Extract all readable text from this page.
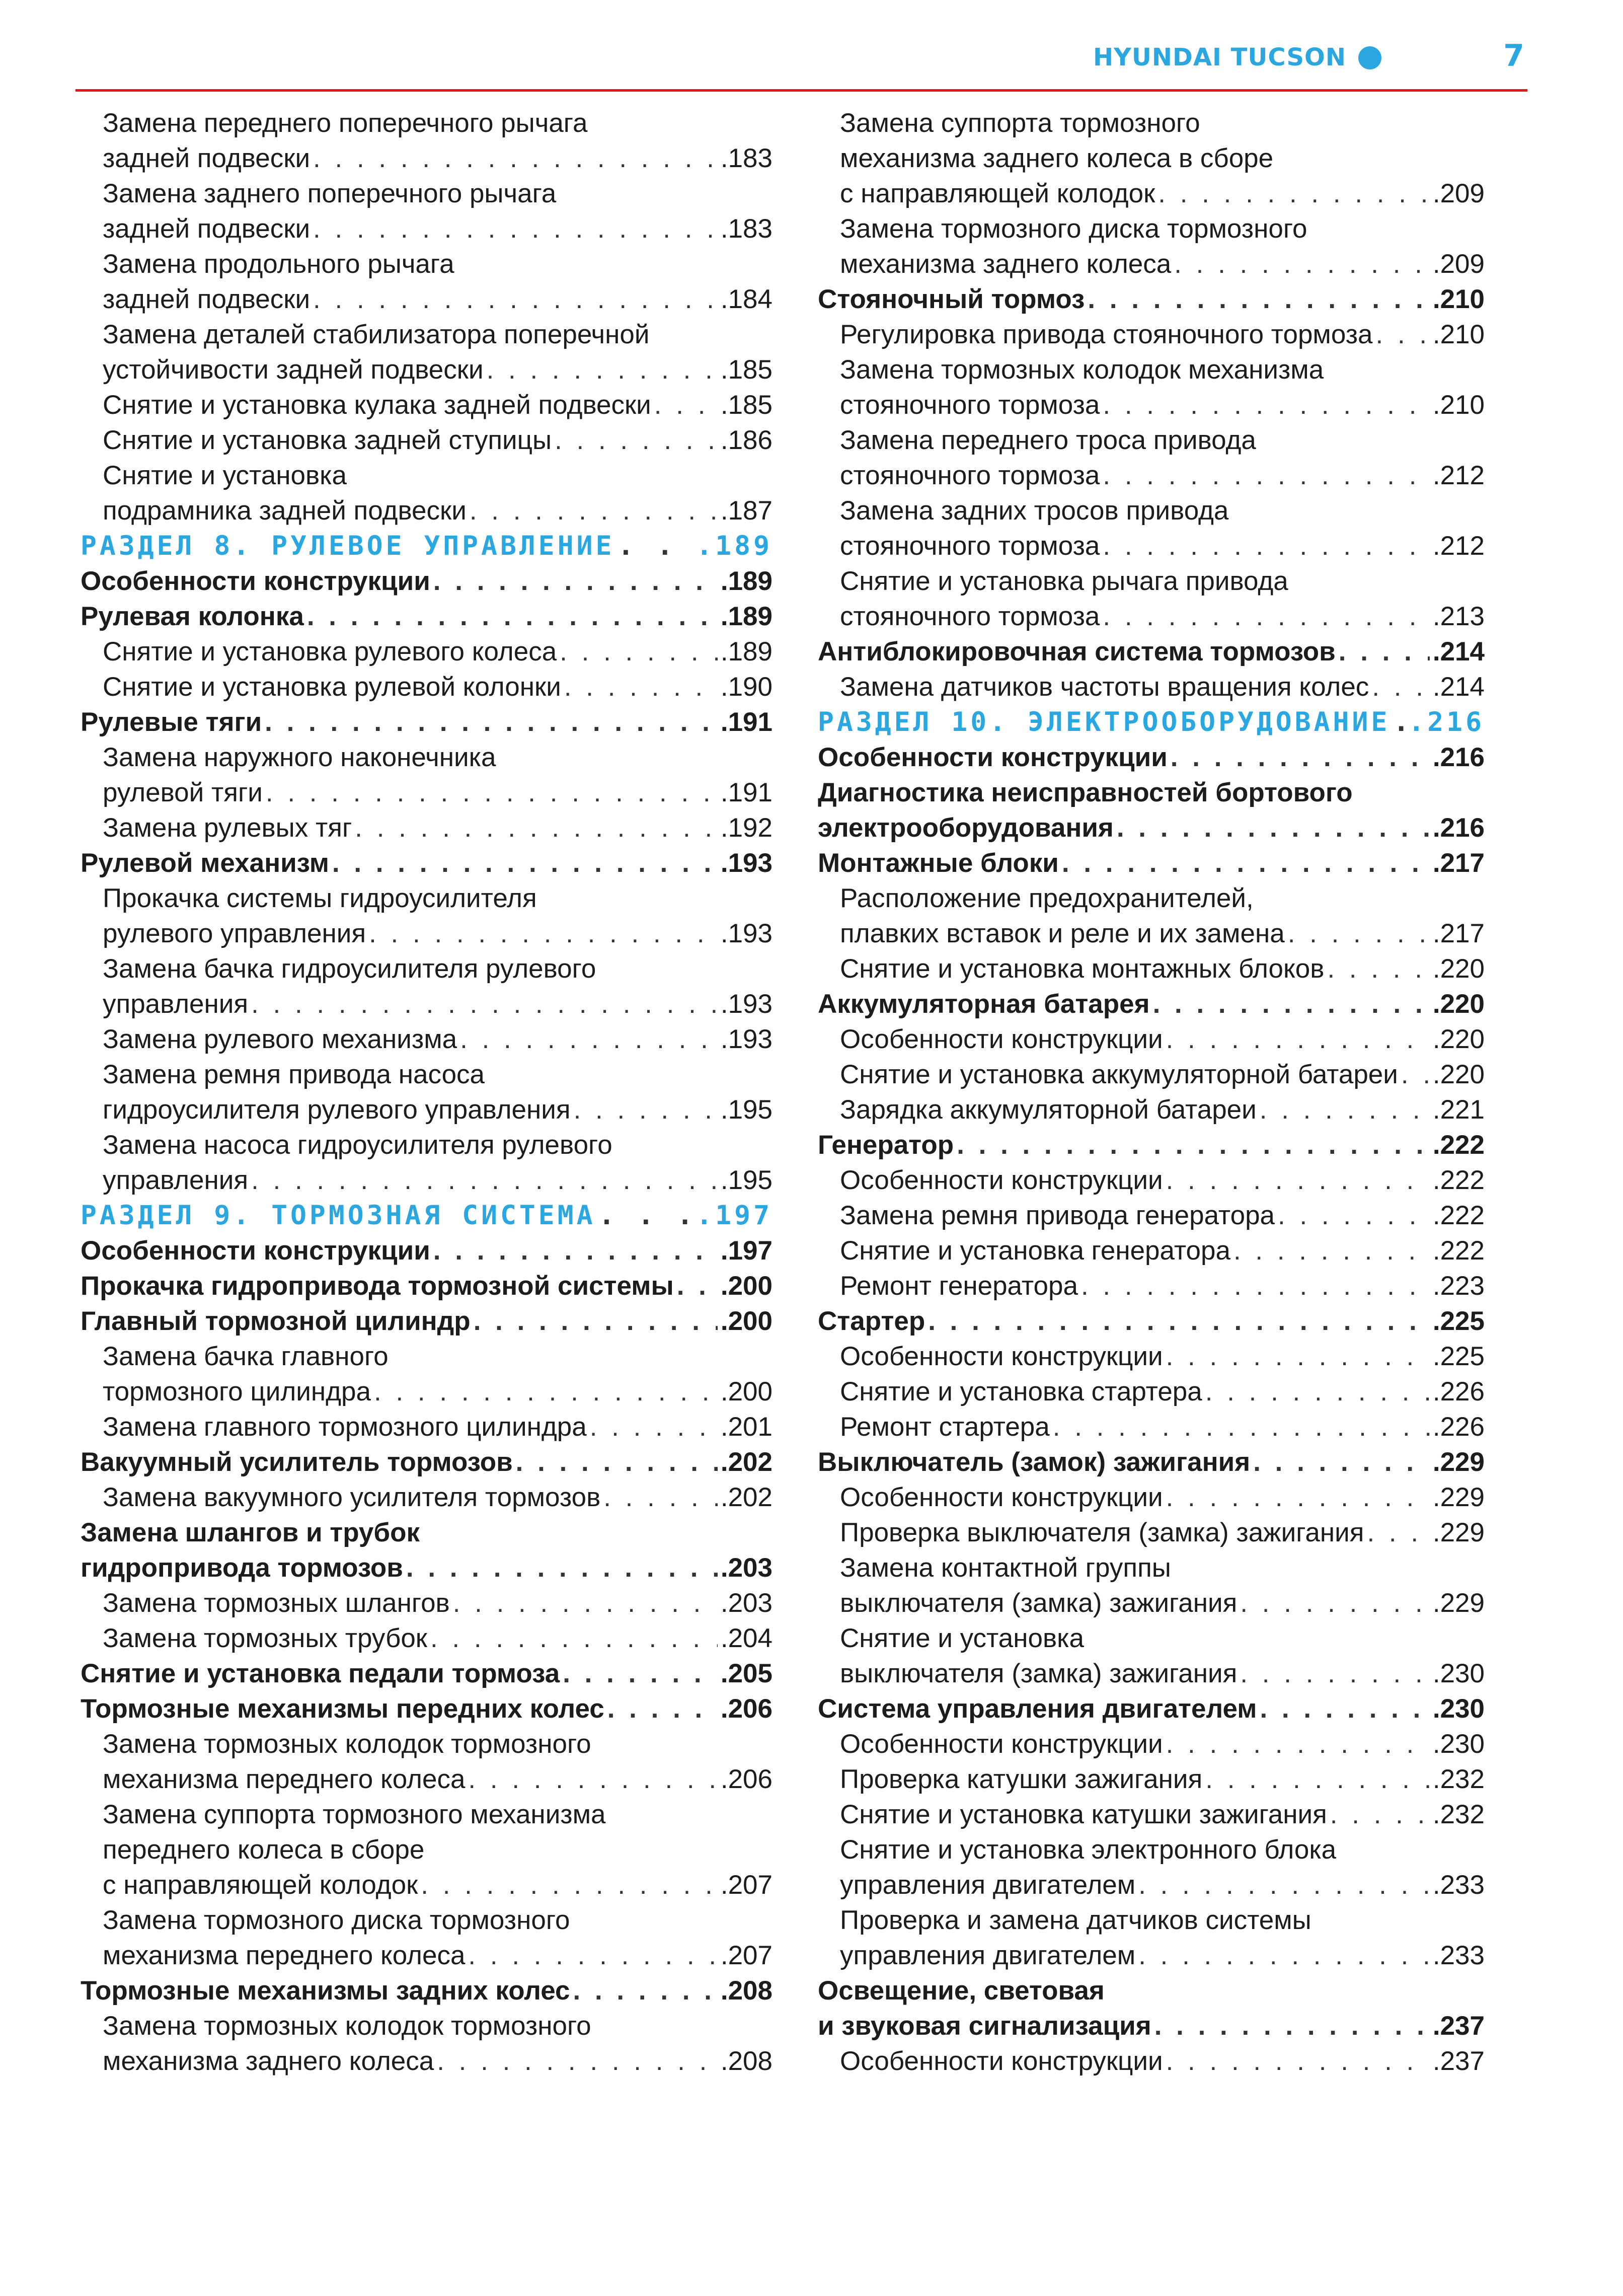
HYUNDAI TUCSON	7
Замена переднего поперечного рычага
задней подвески . . .	.183
Замена заднего поперечного рычага
задней подвески . . .	.183
Замена продольного рычага
задней подвески . . .	.184
Замена деталей стабилизатора поперечной
устойчивости задней подвески . . .	.185
Снятие и установка кулака задней подвески . . .	.185
Снятие и установка задней ступицы . . .	.186
Снятие и установка
подрамника задней подвески . . .	.187
РАЗДЕЛ 8. РУЛЕВОЕ УПРАВЛЕНИЕ . . .	.189
Особенности конструкции . . .	.189
Рулевая колонка . . .	.189
Снятие и установка рулевого колеса . . .	.189
Снятие и установка рулевой колонки . . .	.190
Рулевые тяги . . .	.191
Замена наружного наконечника
рулевой тяги . . .	.191
Замена рулевых тяг . . .	.192
Рулевой механизм . . .	.193
Прокачка системы гидроусилителя
рулевого управления . . .	.193
Замена бачка гидроусилителя рулевого
управления . . .	.193
Замена рулевого механизма . . .	.193
Замена ремня привода насоса
гидроусилителя рулевого управления . . .	.195
Замена насоса гидроусилителя рулевого
управления . . .	.195
РАЗДЕЛ 9. ТОРМОЗНАЯ СИСТЕМА . . .	.197
Особенности конструкции . . .	.197
Прокачка гидропривода тормозной системы . . . .200
Главный тормозной цилиндр . . .	.200
Замена бачка главного
тормозного цилиндра . . .	.200
Замена главного тормозного цилиндра . . .	.201
Вакуумный усилитель тормозов . . .	.202
Замена вакуумного усилителя тормозов . . .	.202
Замена шлангов и трубок
гидропривода тормозов . . .	.203
Замена тормозных шлангов . . .	.203
Замена тормозных трубок . . .	.204
Снятие и установка педали тормоза . . .	.205
Тормозные механизмы передних колес . . .	.206
Замена тормозных колодок тормозного
механизма переднего колеса . . .	.206
Замена суппорта тормозного механизма
переднего колеса в сборе
с направляющей колодок . . .	.207
Замена тормозного диска тормозного
механизма переднего колеса . . .	.207
Тормозные механизмы задних колес . . .	.208
Замена тормозных колодок тормозного
механизма заднего колеса . . .	.208
Замена суппорта тормозного
механизма заднего колеса в сборе
с направляющей колодок . . .	.209
Замена тормозного диска тормозного
механизма заднего колеса . . .	.209
Стояночный тормоз . . .	.210
Регулировка привода стояночного тормоза . . . .210
Замена тормозных колодок механизма
стояночного тормоза . . .	.210
Замена переднего троса привода
стояночного тормоза . . .	.212
Замена задних тросов привода
стояночного тормоза . . .	.212
Снятие и установка рычага привода
стояночного тормоза . . .	.213
Антиблокировочная система тормозов . . .	.214
Замена датчиков частоты вращения колес . . . .214
РАЗДЕЛ 10. ЭЛЕКТРООБОРУДОВАНИЕ . . . .216
Особенности конструкции . . .	.216
Диагностика неисправностей бортового
электрооборудования . . .	.216
Монтажные блоки . . .	.217
Расположение предохранителей,
плавких вставок и реле и их замена . . .	.217
Снятие и установка монтажных блоков . . .	.220
Аккумуляторная батарея . . .	.220
Особенности конструкции . . .	.220
Снятие и установка аккумуляторной батареи . . . .220
Зарядка аккумуляторной батареи . . .	.221
Генератор . . .	.222
Особенности конструкции . . .	.222
Замена ремня привода генератора . . .	.222
Снятие и установка генератора . . .	.222
Ремонт генератора . . .	.223
Стартер . . .	.225
Особенности конструкции . . .	.225
Снятие и установка стартера . . .	.226
Ремонт стартера . . .	.226
Выключатель (замок) зажигания . . .	.229
Особенности конструкции . . .	.229
Проверка выключателя (замка) зажигания . . .	.229
Замена контактной группы
выключателя (замка) зажигания . . .	.229
Снятие и установка
выключателя (замка) зажигания . . .	.230
Система управления двигателем . . .	.230
Особенности конструкции . . .	.230
Проверка катушки зажигания . . .	.232
Снятие и установка катушки зажигания . . .	.232
Снятие и установка электронного блока
управления двигателем . . .	.233
Проверка и замена датчиков системы
управления двигателем . . .	.233
Освещение, световая
и звуковая сигнализация . . .	.237
Особенности конструкции . . .	.237
